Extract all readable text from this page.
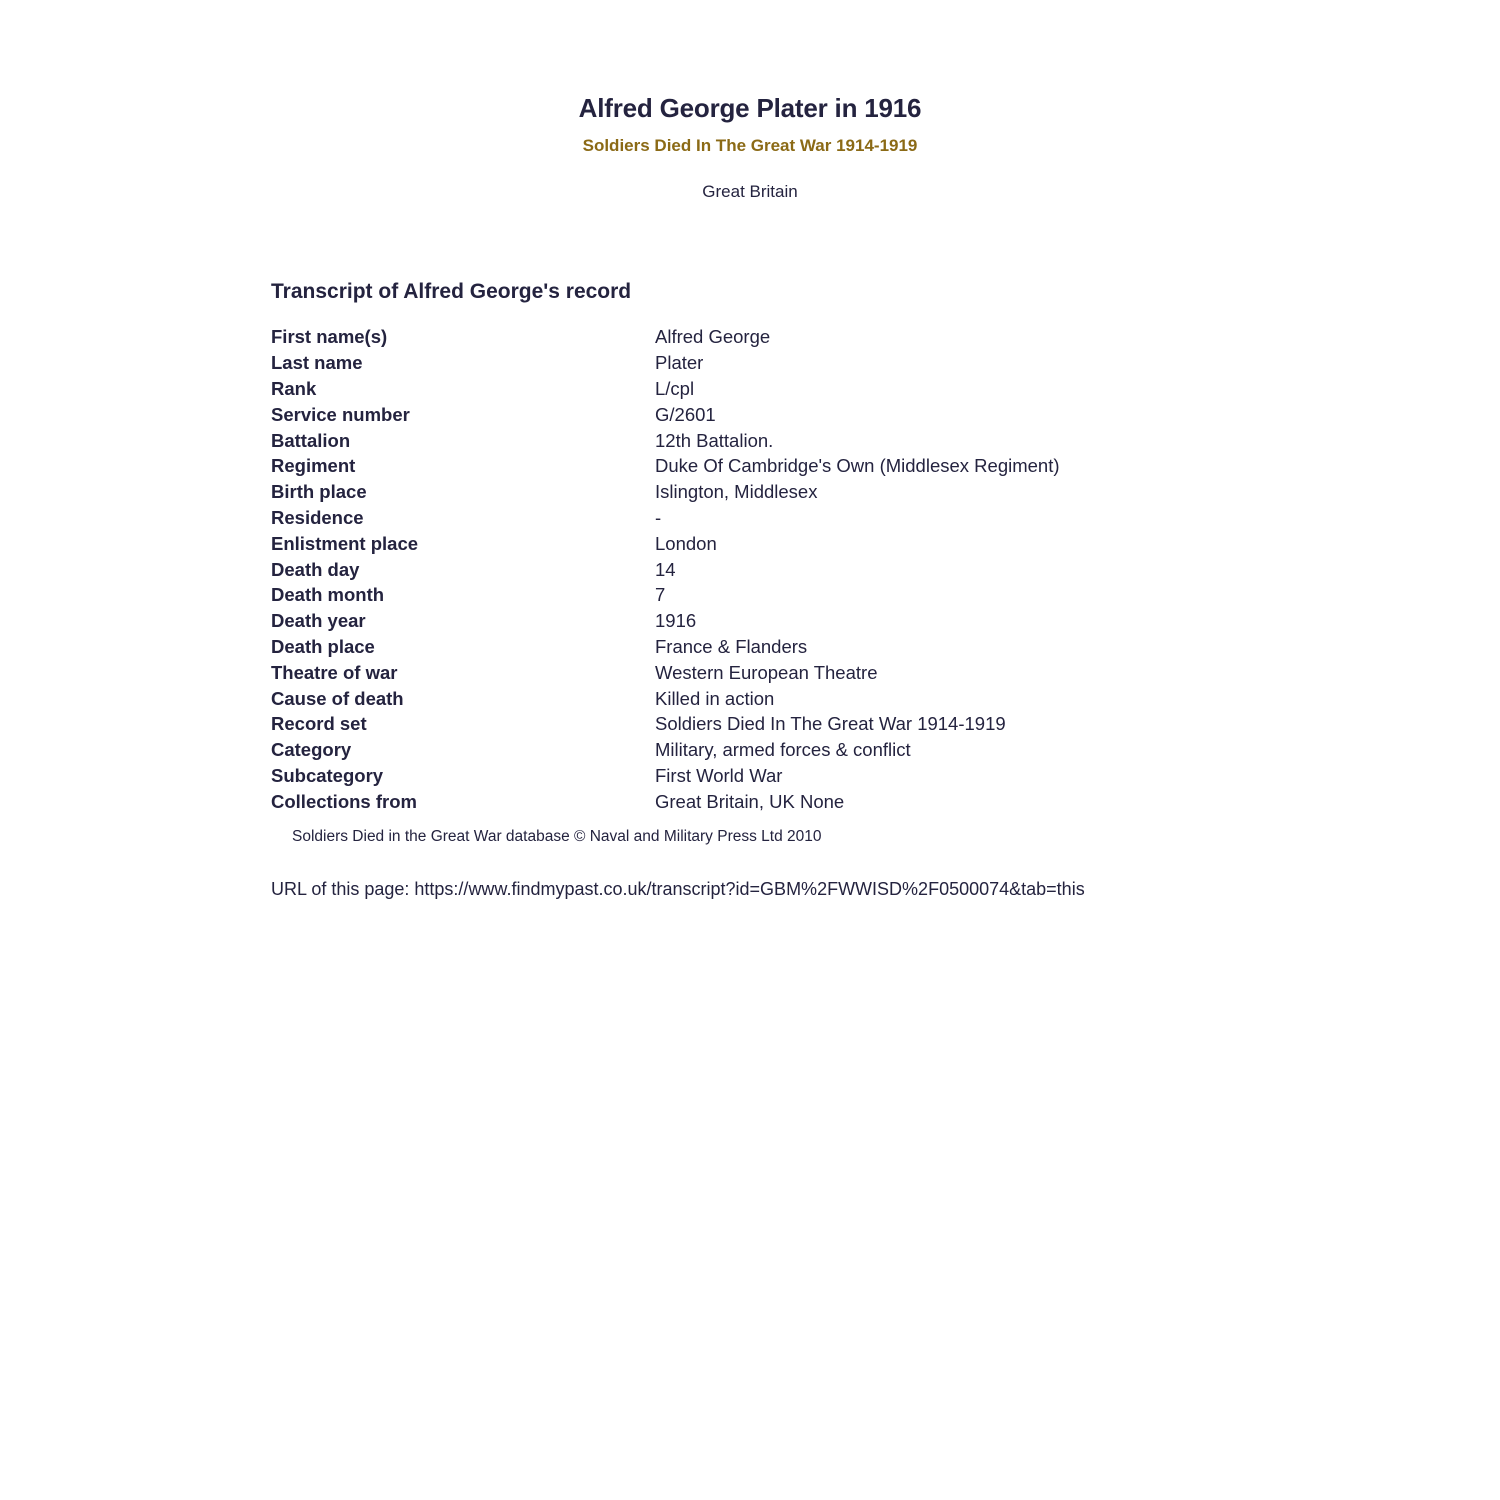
Alfred George Plater in 1916

Soldiers Died In The Great War 1914-1919

Great Britain

Transcript of Alfred George's record
First name(s)	Alfred George
Last name	Plater
Rank	L/cpl
Service number	G/2601
Battalion	12th Battalion.
Regiment	Duke Of Cambridge's Own (Middlesex Regiment)
Birth place	Islington, Middlesex
Residence	-
Enlistment place	London
Death day	14
Death month	7
Death year	1916
Death place	France & Flanders
Theatre of war	Western European Theatre
Cause of death	Killed in action
Record set	Soldiers Died In The Great War 1914-1919
Category	Military, armed forces & conflict
Subcategory	First World War
Collections from	Great Britain, UK None

Soldiers Died in the Great War database © Naval and Military Press Ltd 2010

URL of this page: https://www.findmypast.co.uk/transcript?id=GBM%2FWWISD%2F0500074&tab=this
